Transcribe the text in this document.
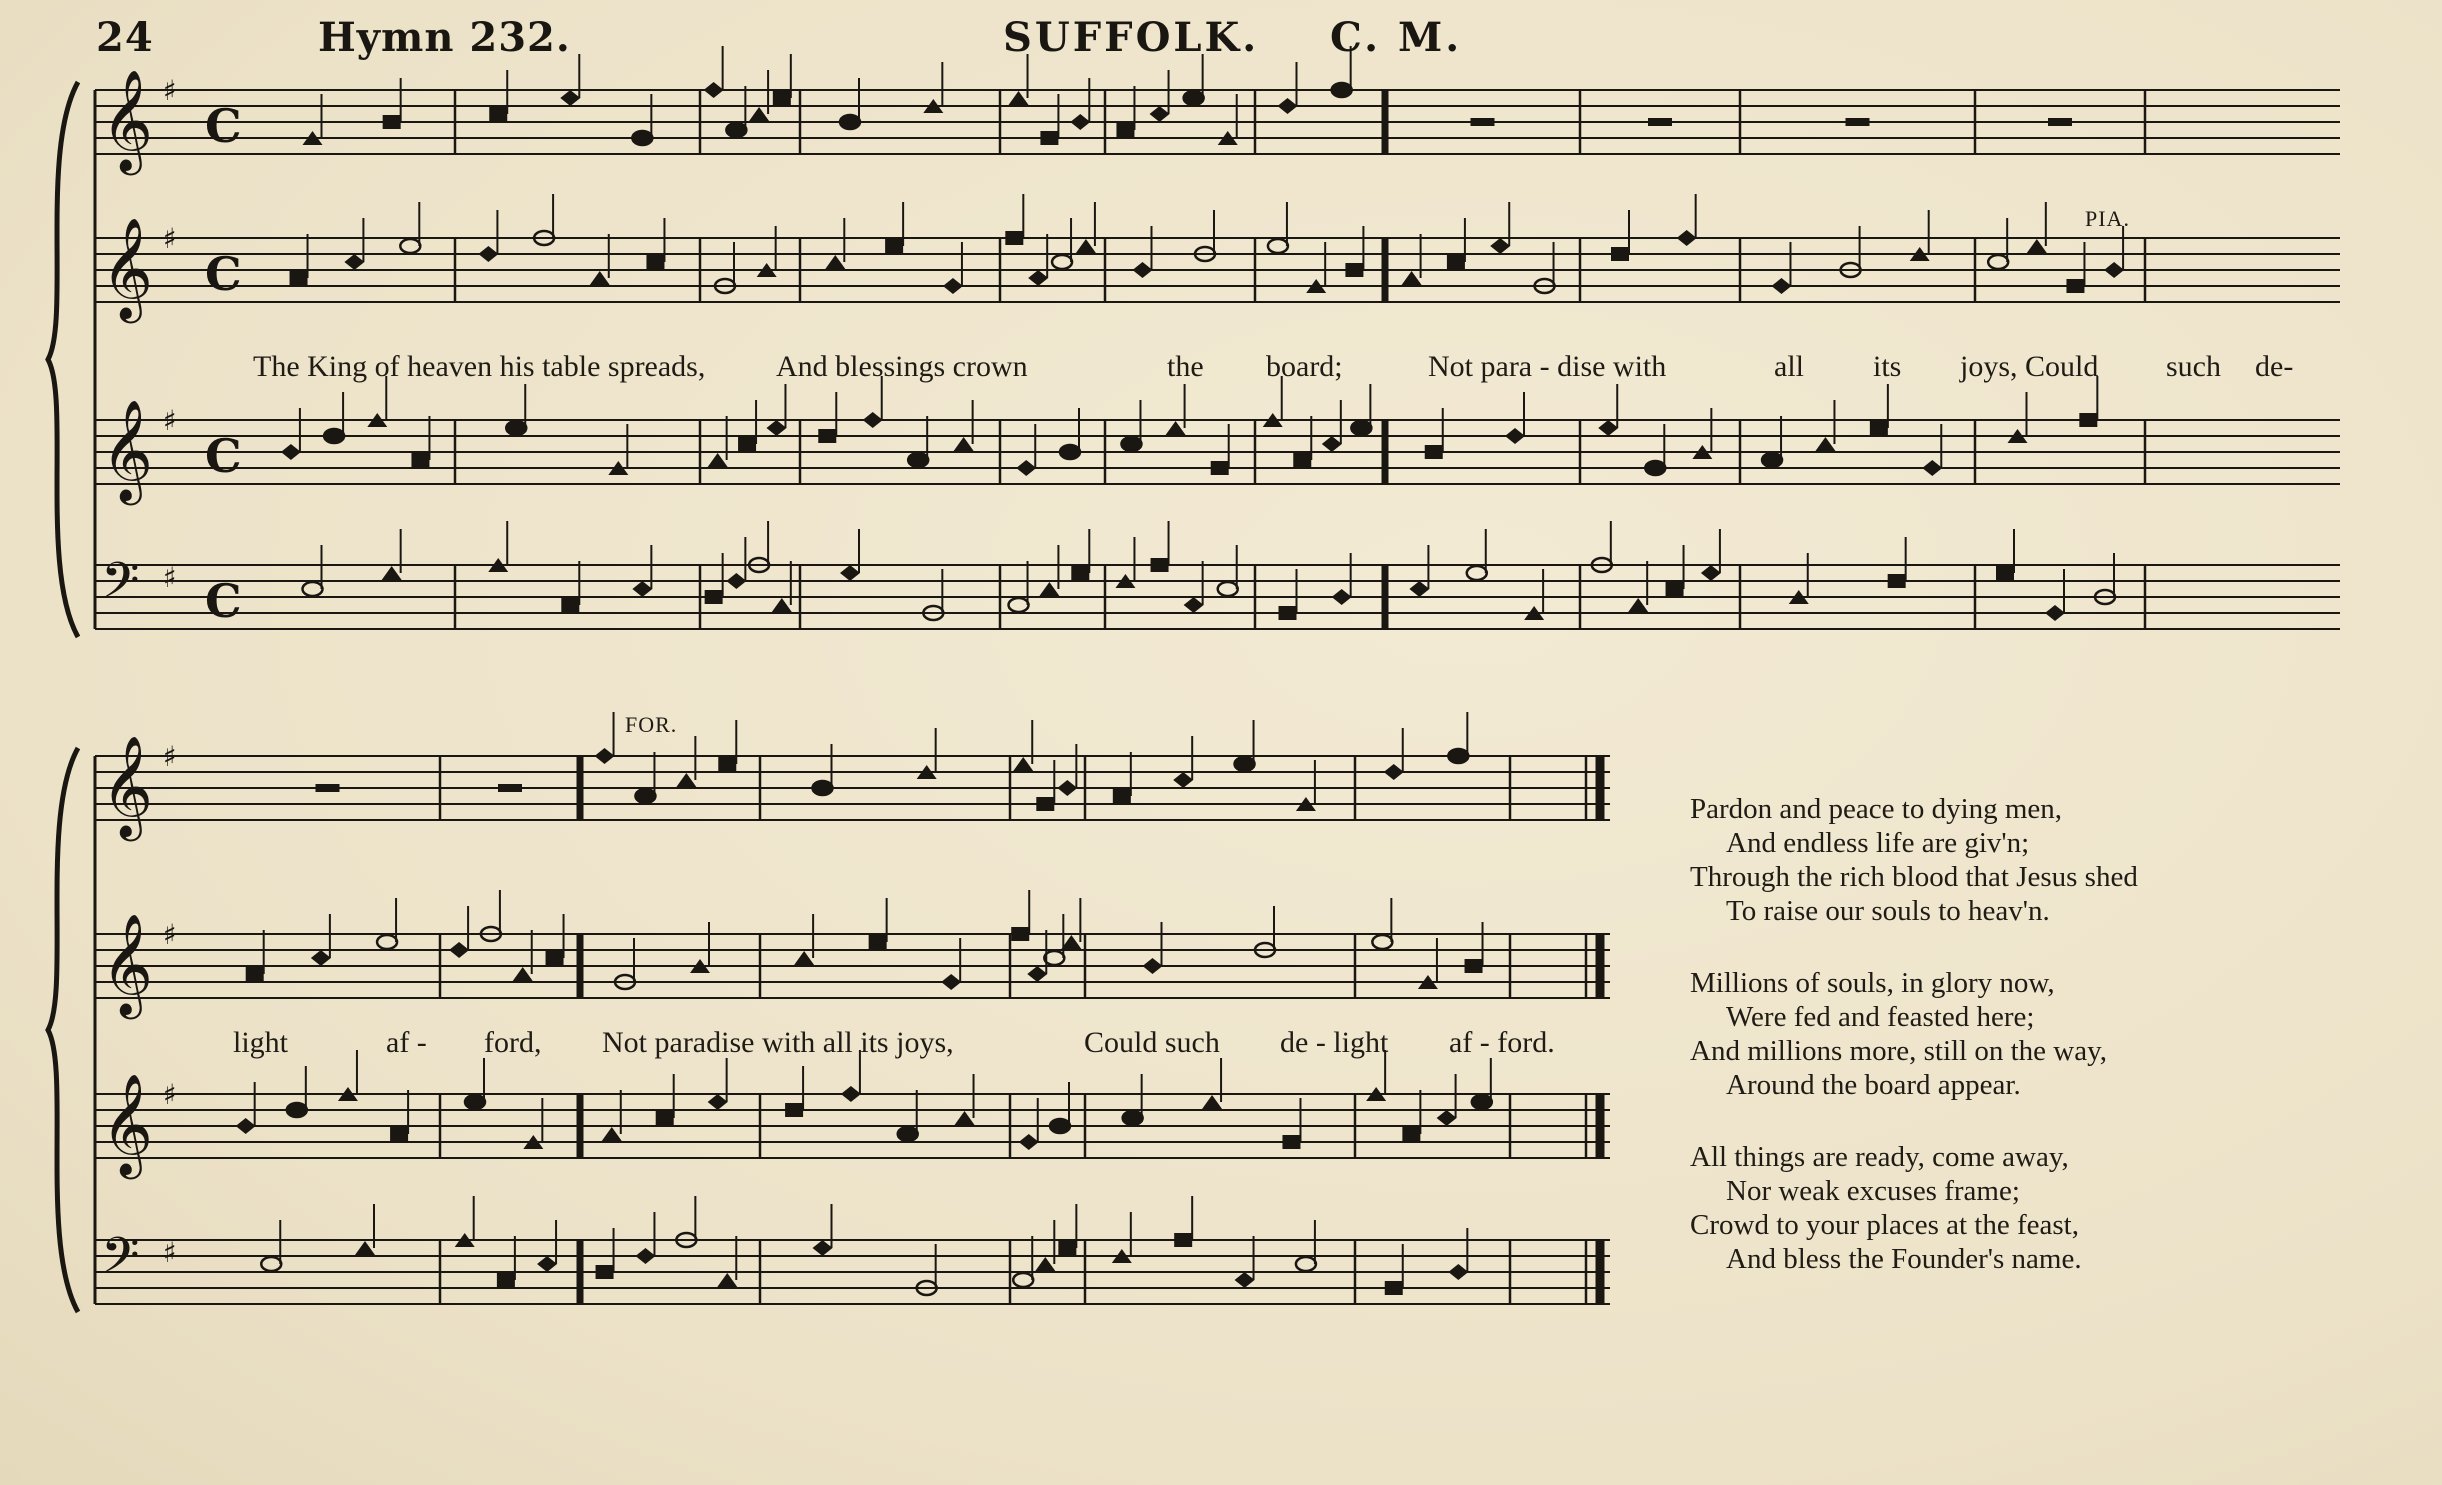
24	Hymn 232.	SUFFOLK. C. M.
𝄞 ♯
C
𝄞 ♯
C
𝄞 ♯
C
𝄢 ♯ C
𝄞 ♯
𝄞 ♯
𝄞 ♯
𝄢 ♯
PIA.
The King of heaven his table spreads, And blessings crown	the board;	Not para - dise with	all its joys, Could such de-
FOR.
light	af - ford, Not paradise with all its joys,	Could such de - light af - ford.
Pardon and peace to dying men,
And endless life are giv'n;
Through the rich blood that Jesus shed
To raise our souls to heav'n.
Millions of souls, in glory now,
Were fed and feasted here;
And millions more, still on the way,
Around the board appear.
All things are ready, come away,
Nor weak excuses frame;
Crowd to your places at the feast,
And bless the Founder's name.
